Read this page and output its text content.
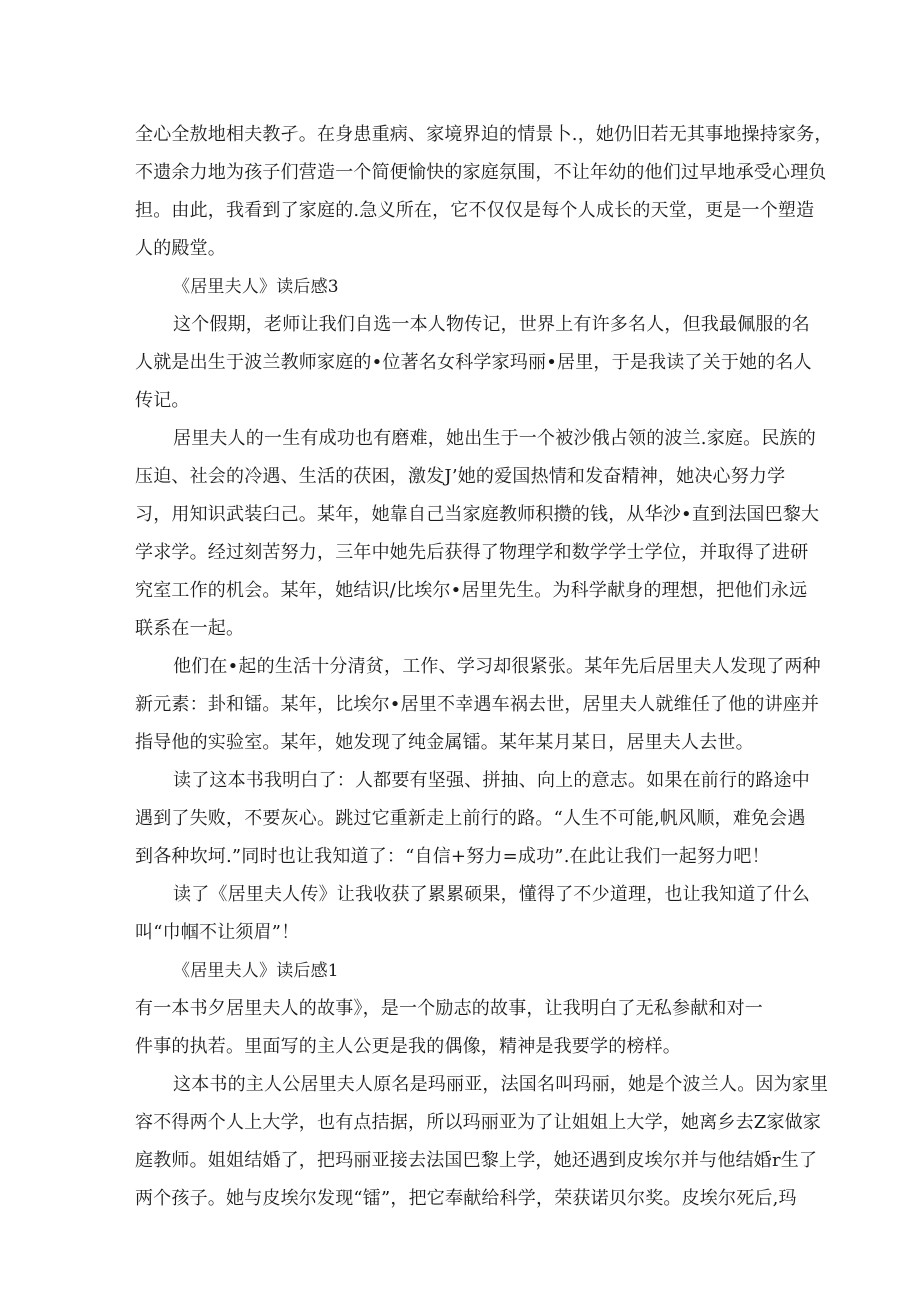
全心全敖地相夫教孑。在身患重病、家境界迫的情景卜.，她仍旧若无其事地操持家务，
不遗余力地为孩子们营造一个简便愉快的家庭氛围，不让年幼的他们过早地承受心理负
担。由此，我看到了家庭的.急义所在，它不仅仅是每个人成长的天堂，更是一个塑造
人的殿堂。
《居里夫人》读后感3
这个假期，老师让我们自选一本人物传记，世界上有许多名人，但我最佩服的名
人就是出生于波兰教师家庭的•位著名女科学家玛丽•居里，于是我读了关于她的名人
传记。
居里夫人的一生有成功也有磨难，她出生于一个被沙俄占领的波兰.家庭。民族的
压迫、社会的冷遇、生活的茯困，激发J’她的爱国热情和发奋精神，她决心努力学
习，用知识武装臼己。某年，她靠自己当家庭教师积攒的钱，从华沙•直到法国巴黎大
学求学。经过刻苦努力，三年中她先后获得了物理学和数学学士学位，并取得了进研
究室工作的机会。某年，她结识/比埃尔•居里先生。为科学献身的理想，把他们永远
联系在一起。
他们在•起的生活十分清贫，工作、学习却很紧张。某年先后居里夫人发现了两种
新元素：卦和镭。某年，比埃尔•居里不幸遇车祸去世，居里夫人就维任了他的讲座并
指导他的实验室。某年，她发现了纯金属镭。某年某月某日，居里夫人去世。
读了这本书我明白了：人都要有坚强、拼抽、向上的意志。如果在前行的路途中
遇到了失败，不要灰心。跳过它重新走上前行的路。“人生不可能,帆风顺，难免会遇
到各种坎坷.”同时也让我知道了：“自信+努力=成功”.在此让我们一起努力吧！
读了《居里夫人传》让我收获了累累硕果，懂得了不少道理，也让我知道了什么
叫“巾帼不让须眉”！
《居里夫人》读后感1
有一本书夕居里夫人的故事》，是一个励志的故事，让我明白了无私参献和对一
件事的执若。里面写的主人公更是我的偶像，精神是我要学的榜样。
这本书的主人公居里夫人原名是玛丽亚，法国名叫玛丽，她是个波兰人。因为家里
容不得两个人上大学，也有点拮据，所以玛丽亚为了让姐姐上大学，她离乡去Z家做家
庭教师。姐姐结婚了，把玛丽亚接去法国巴黎上学，她还遇到皮埃尔并与他结婚r生了
两个孩子。她与皮埃尔发现“镭”，把它奉献给科学，荣获诺贝尔奖。皮埃尔死后,玛
